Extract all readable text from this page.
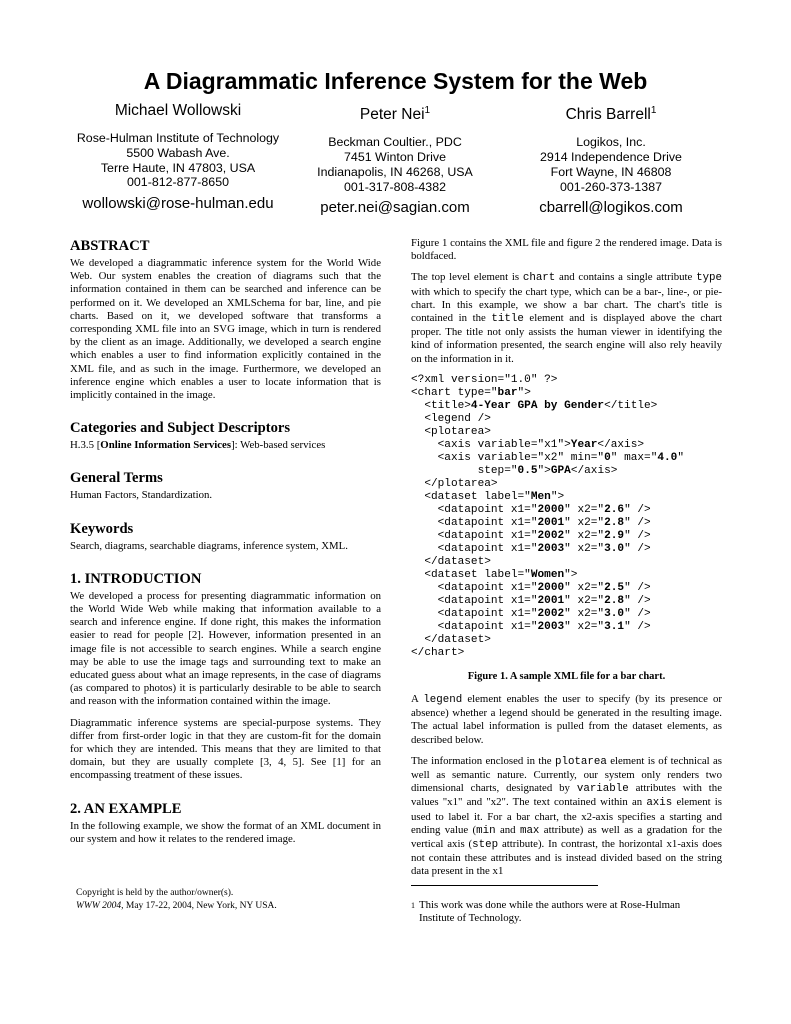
A Diagrammatic Inference System for the Web
Michael Wollowski
Rose-Hulman Institute of Technology
5500 Wabash Ave.
Terre Haute, IN 47803, USA
001-812-877-8650
wollowski@rose-hulman.edu
Peter Nei$^1$
Beckman Coultier., PDC
7451 Winton Drive
Indianapolis, IN 46268, USA
001-317-808-4382
peter.nei@sagian.com
Chris Barrell$^1$
Logikos, Inc.
2914 Independence Drive
Fort Wayne, IN 46808
001-260-373-1387
cbarrell@logikos.com
ABSTRACT

We developed a diagrammatic inference system for the World Wide Web. Our system enables the creation of diagrams such that the information contained in them can be searched and inference can be performed on it. We developed an XMLSchema for bar, line, and pie charts. Based on it, we developed software that transforms a corresponding XML file into an SVG image, which in turn is rendered by the client as an image. Additionally, we developed a search engine which enables a user to find information explicitly contained in the XML file, and as such in the image. Furthermore, we developed an inference engine which enables a user to locate information that is implicitly contained in the image.

Categories and Subject Descriptors

H.3.5 [Online Information Services]: Web-based services

General Terms

Human Factors, Standardization.

Keywords

Search, diagrams, searchable diagrams, inference system, XML.

1. INTRODUCTION

We developed a process for presenting diagrammatic information on the World Wide Web while making that information available to a search and inference engine. If done right, this makes the information easier to read for people [2]. However, information presented in an image file is not accessible to search engines. While a search engine may be able to use the image tags and surrounding text to make an educated guess about what an image represents, in the case of diagrams (as compared to photos) it is particularly desirable to be able to search and reason with the information contained within the image.

Diagrammatic inference systems are special-purpose systems. They differ from first-order logic in that they are custom-fit for the domain for which they are intended. This means that they are limited to that domain, but they are usually complete [3, 4, 5]. See [1] for an encompassing treatment of these issues.

2. AN EXAMPLE

In the following example, we show the format of an XML document in our system and how it relates to the rendered image.

Copyright is held by the author/owner(s).
WWW 2004, May 17-22, 2004, New York, NY USA.

Figure 1 contains the XML file and figure 2 the rendered image. Data is boldfaced.

The top level element is chart and contains a single attribute type with which to specify the chart type, which can be a bar-, line-, or pie-chart. In this example, we show a bar chart. The chart's title is contained in the title element and is displayed above the chart proper. The title not only assists the human viewer in identifying the kind of information presented, the search engine will also rely heavily on the information in it.

<?xml version="1.0" ?>
<chart type="bar">
<title>4-Year GPA by Gender</title>
<legend />
<plotarea>
<axis variable="x1">Year</axis>
<axis variable="x2" min="0" max="4.0"
step="0.5">GPA</axis>
</plotarea>
<dataset label="Men">
<datapoint x1="2000" x2="2.6" />
<datapoint x1="2001" x2="2.8" />
<datapoint x1="2002" x2="2.9" />
<datapoint x1="2003" x2="3.0" />
</dataset>
<dataset label="Women">
<datapoint x1="2000" x2="2.5" />
<datapoint x1="2001" x2="2.8" />
<datapoint x1="2002" x2="3.0" />
<datapoint x1="2003" x2="3.1" />
</dataset>
</chart>

Figure 1. A sample XML file for a bar chart.

A legend element enables the user to specify (by its presence or absence) whether a legend should be generated in the resulting image. The actual label information is pulled from the dataset elements, as described below.

The information enclosed in the plotarea element is of technical as well as semantic nature. Currently, our system only renders two dimensional charts, designated by variable attributes with the values "x1" and "x2". The text contained within an axis element is used to label it. For a bar chart, the x2-axis specifies a starting and ending value (min and max attribute) as well as a gradation for the vertical axis (step attribute). In contrast, the horizontal x1-axis does not contain these attributes and is instead divided based on the string data present in the x1

$^1$ This work was done while the authors were at Rose-Hulman Institute of Technology.
